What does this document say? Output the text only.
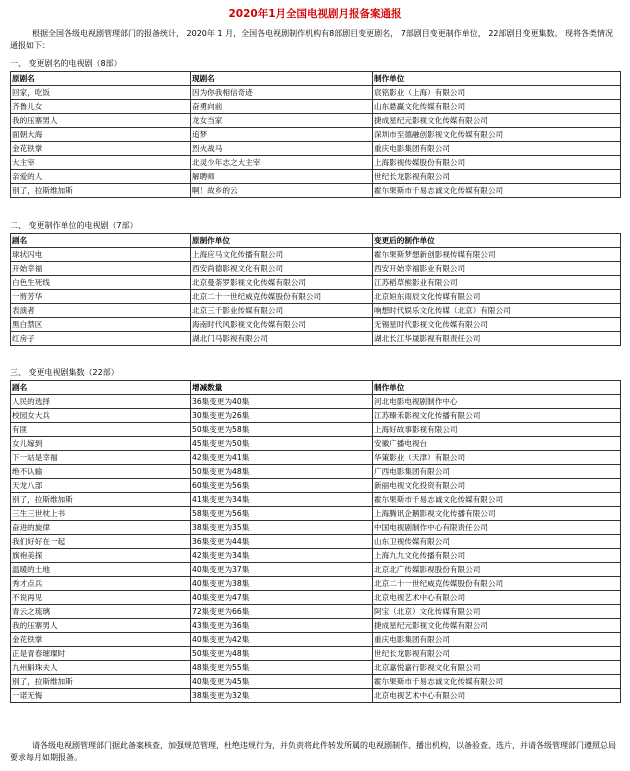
2020年1月全国电视剧月报备案通报
根据全国各级电视剧管理部门的报备统计， 2020年 1 月，全国各电视剧制作机构有8部剧目变更剧名， 7部剧目变更制作单位， 22部剧目变更集数。 现将各类情况通报如下：
一、 变更剧名的电视剧（8部）
原剧名	现剧名	制作单位
回家，吃饭	因为你我相信奇迹	宸铭影业（上海）有限公司
齐鲁儿女	奋勇向前	山东悬赢文化传媒有限公司
我的压寨男人	龙女当家	捷成星纪元影视文化传媒有限公司
面朝大海	追梦	深圳市至德融创影视文化传媒有限公司
金花铁掌	烈火战马	重庆电影集团有限公司
大主宰	北灵少年志之大主宰	上海影视传媒股份有限公司
亲爱的人	解聘师	世纪长龙影视有限公司
别了，拉斯维加斯	啊！故乡的云	霍尔果斯市千易志诚文化传媒有限公司
二、 变更制作单位的电视剧（7部）
剧名	原制作单位	变更后的制作单位
球状闪电	上海应马文化传播有限公司	霍尔果斯梦想新创影视传媒有限公司
开始幸福	西安尚德影视文化有限公司	西安开始幸福影业有限公司
白色生死线	北京曼荼罗影视文化传媒有限公司	江苏稻草熊影业有限公司
一剪芳华	北京二十一世纪威克传媒股份有限公司	北京姮东雨辰文化传媒有限公司
表演者	北京三千影业传媒有限公司	响想时代娱乐文化传媒（北京）有限公司
黑白禁区	海南时代风影视文化传媒有限公司	无锡星时代影视文化传媒有限公司
红房子	湖北门马影视有限公司	湖北长江华晟影视有限责任公司
三、 变更电视剧集数（22部）
剧名	增减数量	制作单位
人民的选择	36集变更为40集	河北电影电视剧制作中心
校园女大兵	30集变更为26集	江苏臻禾影视文化传播有限公司
有匪	50集变更为58集	上海好故事影视有限公司
女儿嫁到	45集变更为50集	安徽广播电视台
下一站是幸福	42集变更为41集	华策影业（天津）有限公司
绝不认输	50集变更为48集	广西电影集团有限公司
天龙八部	60集变更为56集	新丽电视文化投资有限公司
别了，拉斯维加斯	41集变更为34集	霍尔果斯市千易志诚文化传媒有限公司
三生三世枕上书	58集变更为56集	上海腾讯企鹅影视文化传播有限公司
奋进的旋律	38集变更为35集	中国电视剧制作中心有限责任公司
我们好好在一起	36集变更为44集	山东卫视传媒有限公司
旗袍美探	42集变更为34集	上海九九文化传播有限公司
温暖的土地	40集变更为37集	北京北广传媒影视股份有限公司
秀才点兵	40集变更为38集	北京二十一世纪威克传媒股份有限公司
不说再见	40集变更为47集	北京电视艺术中心有限公司
青云之琉璃	72集变更为66集	阿宝（北京）文化传媒有限公司
我的压寨男人	43集变更为36集	捷成星纪元影视文化传媒有限公司
金花铁掌	40集变更为42集	重庆电影集团有限公司
正是青春璀璨时	50集变更为48集	世纪长龙影视有限公司
九州斛珠夫人	48集变更为55集	北京嘉悦嘉行影视文化有限公司
别了，拉斯维加斯	40集变更为45集	霍尔果斯市千易志诚文化传媒有限公司
一诺无悔	38集变更为32集	北京电视艺术中心有限公司
请各级电视剧管理部门据此备案核查，加强规范管理，杜绝违规行为，并负责将此件转发所属的电视剧制作、播出机构，以备验查、选片，并请各级管理部门遵照总局要求每月如期报备。
